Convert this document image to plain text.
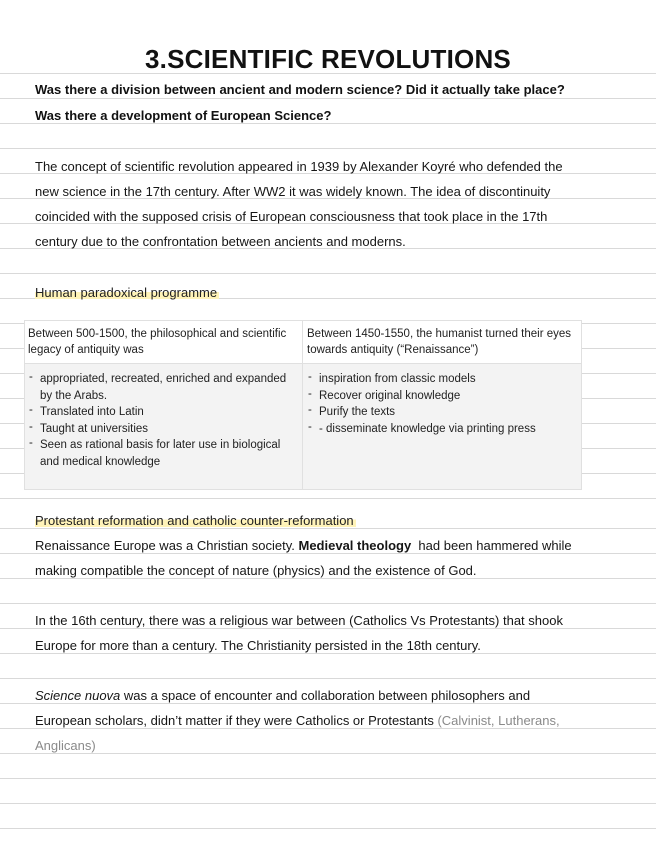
3.SCIENTIFIC REVOLUTIONS
Was there a division between ancient and modern science? Did it actually take place?
Was there a development of European Science?
The concept of scientific revolution appeared in 1939 by Alexander Koyré who defended the
new science in the 17th century. After WW2 it was widely known. The idea of discontinuity
coincided with the supposed crisis of European consciousness that took place in the 17th
century due to the confrontation between ancients and moderns.
Human paradoxical programme
Between 500-1500, the philosophical and scientific legacy of antiquity was
Between 1450-1550, the humanist turned their eyes towards antiquity (“Renaissance”)
- appropriated, recreated, enriched and expanded by the Arabs.
- Translated into Latin
- Taught at universities
- Seen as rational basis for later use in biological and medical knowledge
- inspiration from classic models
- Recover original knowledge
- Purify the texts
- - disseminate knowledge via printing press
Protestant reformation and catholic counter-reformation
Renaissance Europe was a Christian society. Medieval theology  had been hammered while
making compatible the concept of nature (physics) and the existence of God.
In the 16th century, there was a religious war between (Catholics Vs Protestants) that shook
Europe for more than a century. The Christianity persisted in the 18th century.
Science nuova was a space of encounter and collaboration between philosophers and
European scholars, didn’t matter if they were Catholics or Protestants (Calvinist, Lutherans,
Anglicans)
